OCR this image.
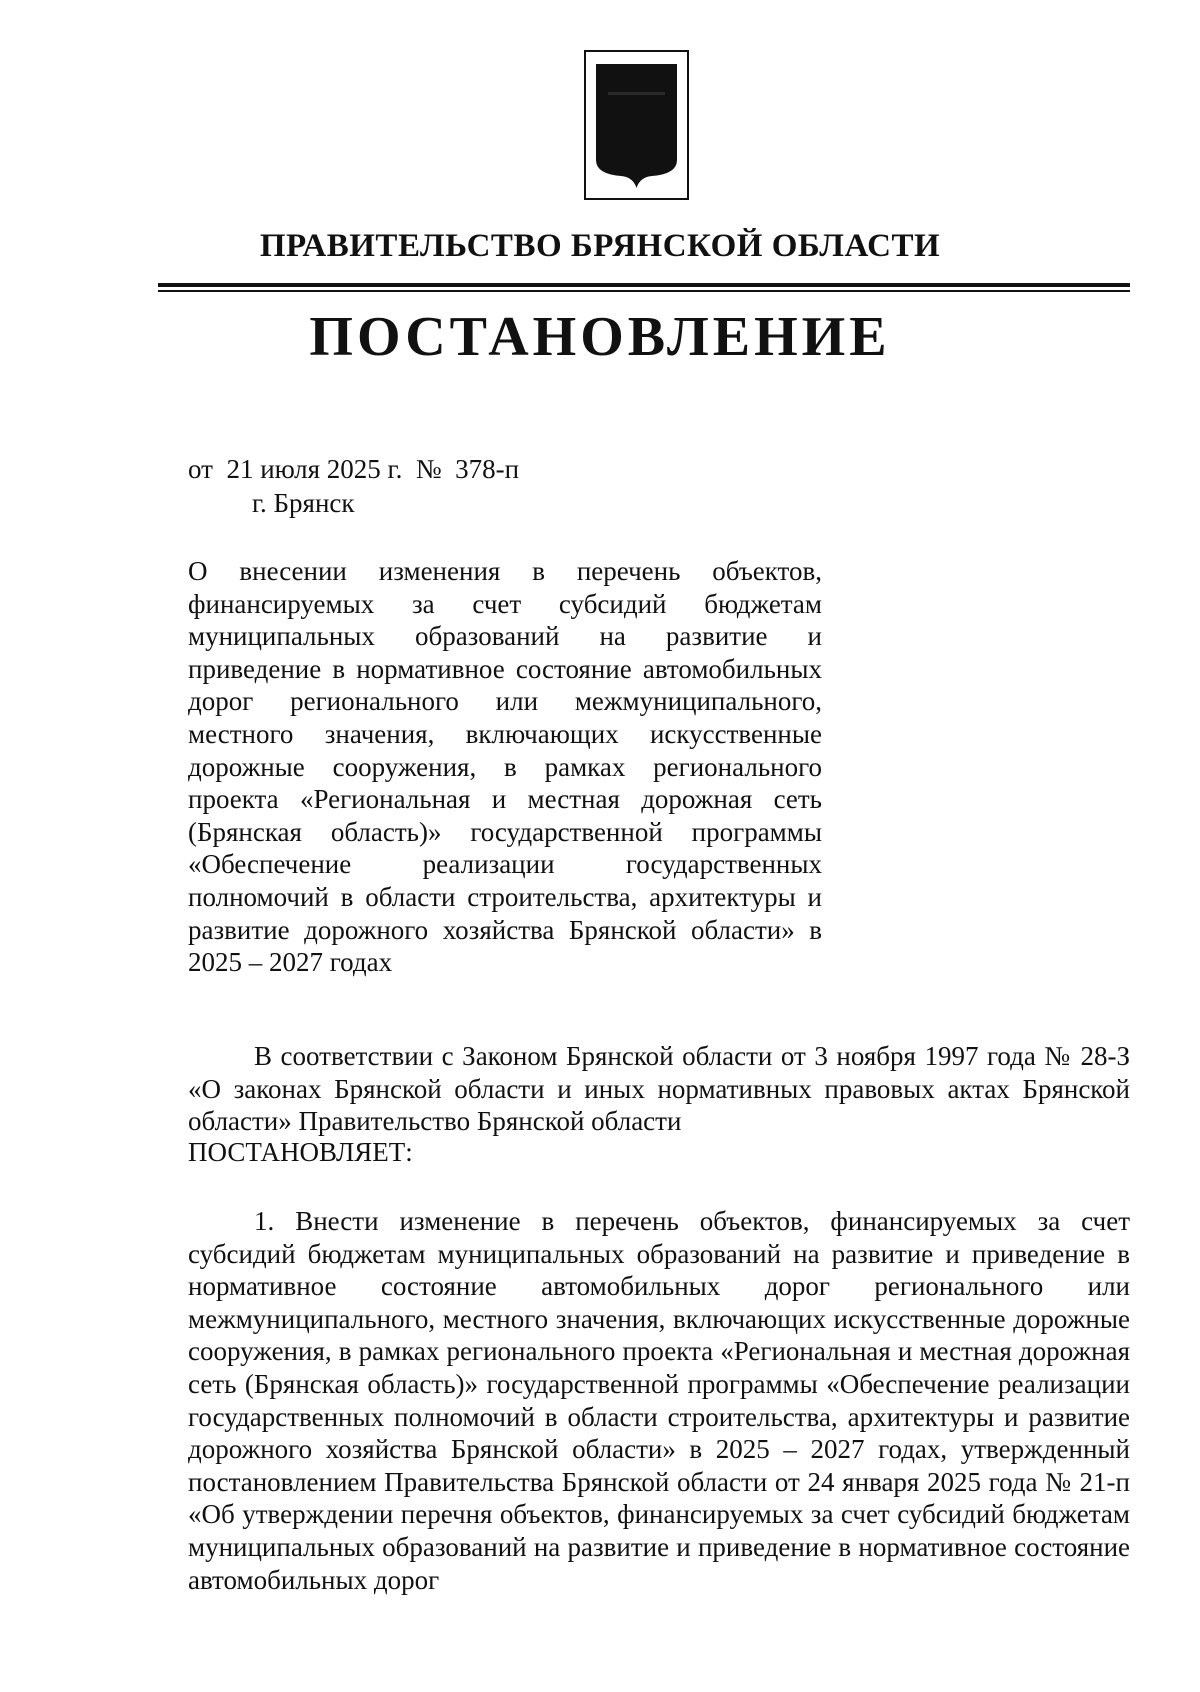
ПРАВИТЕЛЬСТВО БРЯНСКОЙ ОБЛАСТИ
ПОСТАНОВЛЕНИЕ
от  21 июля 2025 г.  №  378-п
г. Брянск
О внесении изменения в перечень объектов, финансируемых за счет субсидий бюджетам муниципальных образований на развитие и приведение в нормативное состояние автомобильных дорог регионального или межмуниципального, местного значения, включающих искусственные дорожные сооружения, в рамках регионального проекта «Региональная и местная дорожная сеть (Брянская область)» государственной программы «Обеспечение реализации государственных полномочий в области строительства, архитектуры и развитие дорожного хозяйства Брянской области» в 2025 – 2027 годах
В соответствии с Законом Брянской области от 3 ноября 1997 года № 28-З «О законах Брянской области и иных нормативных правовых актах Брянской области» Правительство Брянской области
ПОСТАНОВЛЯЕТ:
1. Внести изменение в перечень объектов, финансируемых за счет субсидий бюджетам муниципальных образований на развитие и приведение в нормативное состояние автомобильных дорог регионального или межмуниципального, местного значения, включающих искусственные дорожные сооружения, в рамках регионального проекта «Региональная и местная дорожная сеть (Брянская область)» государственной программы «Обеспечение реализации государственных полномочий в области строительства, архитектуры и развитие дорожного хозяйства Брянской области» в 2025 – 2027 годах, утвержденный постановлением Правительства Брянской области от 24 января 2025 года № 21-п «Об утверждении перечня объектов, финансируемых за счет субсидий бюджетам муниципальных образований на развитие и приведение в нормативное состояние автомобильных дорог
